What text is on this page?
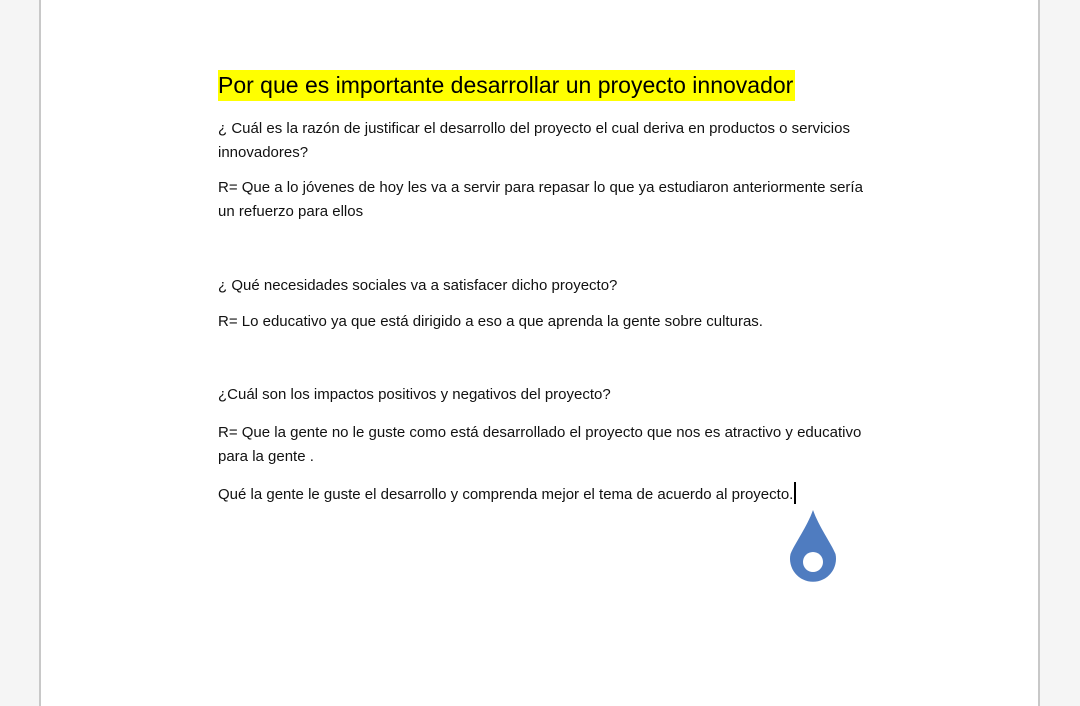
Por que es importante desarrollar un proyecto innovador
¿ Cuál es la razón de justificar el desarrollo del proyecto el cual deriva en productos o servicios
innovadores?
R= Que a lo jóvenes de hoy les va a servir para repasar lo que ya estudiaron anteriormente sería
un refuerzo para ellos
¿ Qué necesidades sociales va a satisfacer dicho proyecto?
R= Lo educativo ya que está dirigido a eso a que aprenda la gente sobre culturas.
¿Cuál son los impactos positivos y negativos del proyecto?
R= Que la gente no le guste como está desarrollado el proyecto que nos es atractivo y educativo
para la gente .
Qué la gente le guste el desarrollo y comprenda mejor el tema de acuerdo al proyecto.
